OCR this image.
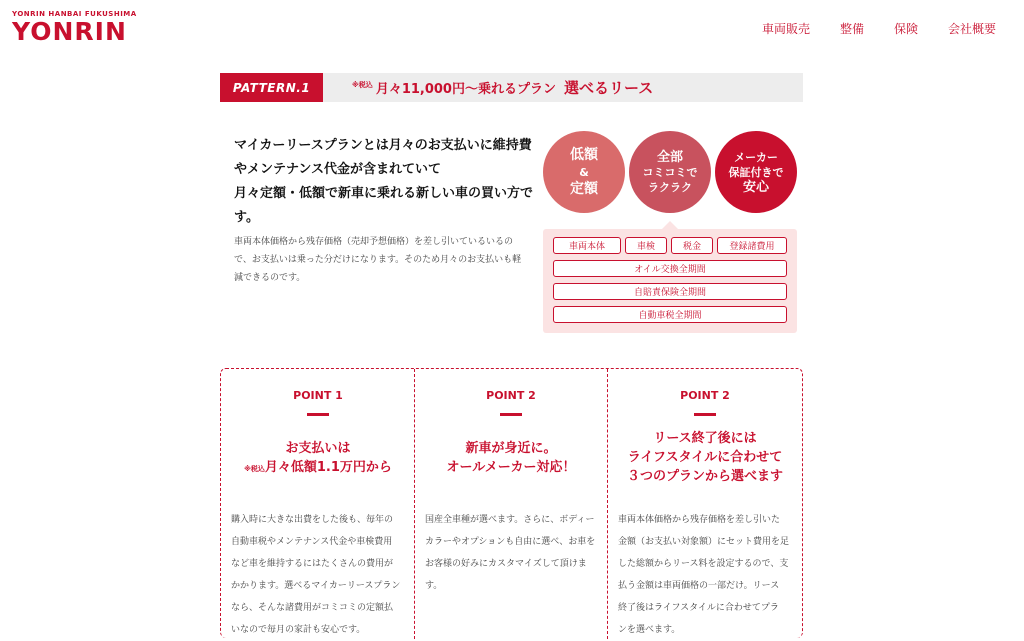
YONRIN HANBAI FUKUSHIMA
YONRIN	車両販売	整備	保険	会社概要
PATTERN.1	※税込 月々11,000円〜乗れるプラン 選べるリース
マイカーリースプランとは月々のお支払いに維持費
やメンテナンス代金が含まれていて
月々定額・低額で新車に乗れる新しい車の買い方で
す。
車両本体価格から残存価格（売却予想価格）を差し引いているいるの
で、お支払いは乗った分だけになります。そのため月々のお支払いも軽
減できるのです。
低額
&
定額
全部
コミコミで
ラクラク
メーカー
保証付きで
安心
車両本体	車検	税金	登録諸費用
オイル交換全期間
自賠責保険全期間
自動車税全期間
POINT 1
お支払いは
※税込月々低額1.1万円から
購入時に大きな出費をした後も、毎年の
自動車税やメンテナンス代金や車検費用
など車を維持するにはたくさんの費用が
かかります。選べるマイカーリースプラン
なら、そんな諸費用がコミコミの定額払
いなので毎月の家計も安心です。
POINT 2
新車が身近に。
オールメーカー対応！
国産全車種が選べます。さらに、ボディー
カラーやオプションも自由に選べ、お車を
お客様の好みにカスタマイズして頂けま
す。
POINT 2
リース終了後には
ライフスタイルに合わせて
３つのプランから選べます
車両本体価格から残存価格を差し引いた
金額（お支払い対象額）にセット費用を足
した総額からリース料を設定するので、支
払う金額は車両価格の一部だけ。リース
終了後はライフスタイルに合わせてプラ
ンを選べます。
